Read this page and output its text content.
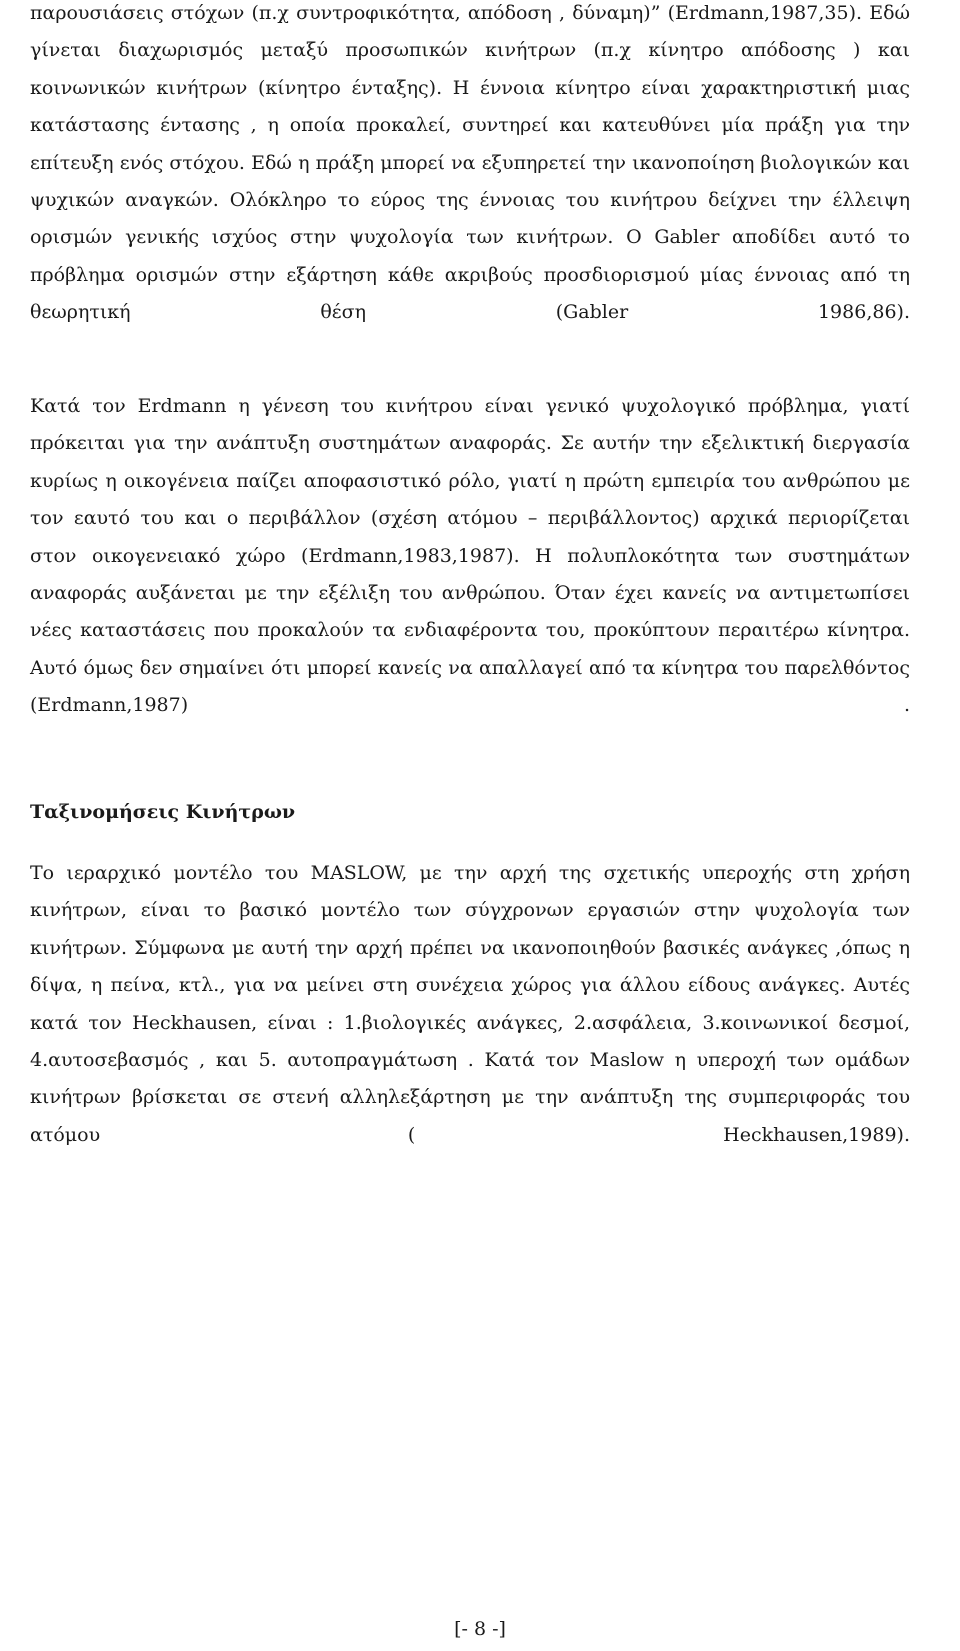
παρουσιάσεις στόχων (π.χ συντροφικότητα, απόδοση , δύναμη)” (Erdmann,1987,35). Εδώ γίνεται διαχωρισμός μεταξύ προσωπικών κινήτρων (π.χ κίνητρο απόδοσης ) και κοινωνικών κινήτρων (κίνητρο ένταξης). Η έννοια κίνητρο είναι χαρακτηριστική μιας κατάστασης έντασης , η οποία προκαλεί, συντηρεί και κατευθύνει μία πράξη για την επίτευξη ενός στόχου. Εδώ η πράξη μπορεί να εξυπηρετεί την ικανοποίηση βιολογικών και ψυχικών αναγκών. Ολόκληρο το εύρος της έννοιας του κινήτρου δείχνει την έλλειψη ορισμών γενικής ισχύος στην ψυχολογία των κινήτρων. Ο Gabler αποδίδει αυτό το πρόβλημα ορισμών στην εξάρτηση κάθε ακριβούς προσδιορισμού μίας έννοιας από τη θεωρητική θέση (Gabler 1986,86).

Κατά τον Erdmann η γένεση του κινήτρου είναι γενικό ψυχολογικό πρόβλημα, γιατί πρόκειται για την ανάπτυξη συστημάτων αναφοράς. Σε αυτήν την εξελικτική διεργασία κυρίως η οικογένεια παίζει αποφασιστικό ρόλο, γιατί η πρώτη εμπειρία του ανθρώπου με τον εαυτό του και ο περιβάλλον (σχέση ατόμου – περιβάλλοντος) αρχικά περιορίζεται στον οικογενειακό χώρο (Erdmann,1983,1987). Η πολυπλοκότητα των συστημάτων αναφοράς αυξάνεται με την εξέλιξη του ανθρώπου. Όταν έχει κανείς να αντιμετωπίσει νέες καταστάσεις που προκαλούν τα ενδιαφέροντα του, προκύπτουν περαιτέρω κίνητρα. Αυτό όμως δεν σημαίνει ότι μπορεί κανείς να απαλλαγεί από τα κίνητρα του παρελθόντος (Erdmann,1987) .

Ταξινομήσεις Κινήτρων

Το ιεραρχικό μοντέλο του MASLOW, με την αρχή της σχετικής υπεροχής στη χρήση κινήτρων, είναι το βασικό μοντέλο των σύγχρονων εργασιών στην ψυχολογία των κινήτρων. Σύμφωνα με αυτή την αρχή πρέπει να ικανοποιηθούν βασικές ανάγκες ,όπως η δίψα, η πείνα, κτλ., για να μείνει στη συνέχεια χώρος για άλλου είδους ανάγκες. Αυτές κατά τον Heckhausen, είναι : 1.βιολογικές ανάγκες, 2.ασφάλεια, 3.κοινωνικοί δεσμοί, 4.αυτοσεβασμός , και 5. αυτοπραγμάτωση . Κατά τον Maslow η υπεροχή των ομάδων κινήτρων βρίσκεται σε στενή αλληλεξάρτηση με την ανάπτυξη της συμπεριφοράς του ατόμου ( Heckhausen,1989).

[- 8 -]
